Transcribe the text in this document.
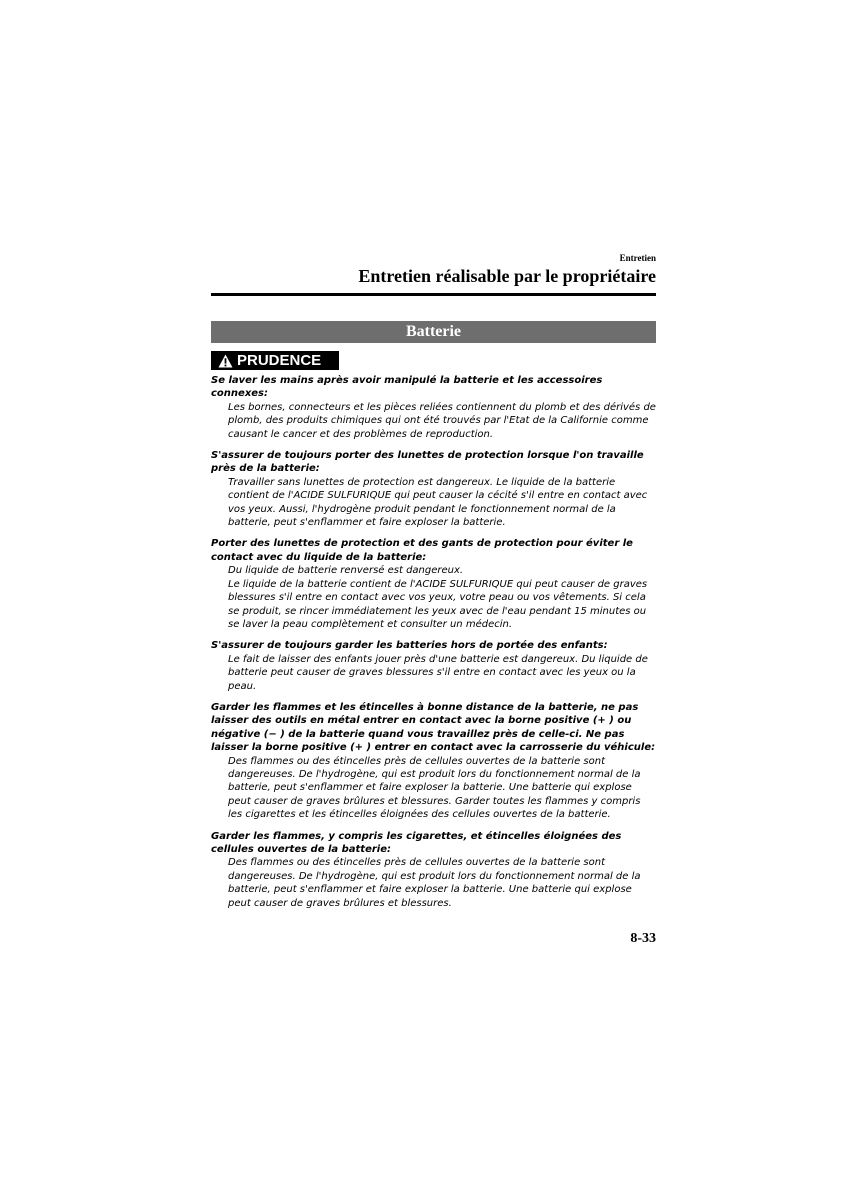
Entretien
Entretien réalisable par le propriétaire
Batterie
PRUDENCE
Se laver les mains après avoir manipulé la batterie et les accessoires connexes:
Les bornes, connecteurs et les pièces reliées contiennent du plomb et des dérivés de plomb, des produits chimiques qui ont été trouvés par l'Etat de la Californie comme causant le cancer et des problèmes de reproduction.
S'assurer de toujours porter des lunettes de protection lorsque l'on travaille près de la batterie:
Travailler sans lunettes de protection est dangereux. Le liquide de la batterie contient de l'ACIDE SULFURIQUE qui peut causer la cécité s'il entre en contact avec vos yeux. Aussi, l'hydrogène produit pendant le fonctionnement normal de la batterie, peut s'enflammer et faire exploser la batterie.
Porter des lunettes de protection et des gants de protection pour éviter le contact avec du liquide de la batterie:
Du liquide de batterie renversé est dangereux.
Le liquide de la batterie contient de l'ACIDE SULFURIQUE qui peut causer de graves blessures s'il entre en contact avec vos yeux, votre peau ou vos vêtements. Si cela se produit, se rincer immédiatement les yeux avec de l'eau pendant 15 minutes ou se laver la peau complètement et consulter un médecin.
S'assurer de toujours garder les batteries hors de portée des enfants:
Le fait de laisser des enfants jouer près d'une batterie est dangereux. Du liquide de batterie peut causer de graves blessures s'il entre en contact avec les yeux ou la peau.
Garder les flammes et les étincelles à bonne distance de la batterie, ne pas laisser des outils en métal entrer en contact avec la borne positive (+ ) ou négative (− ) de la batterie quand vous travaillez près de celle-ci. Ne pas laisser la borne positive (+ ) entrer en contact avec la carrosserie du véhicule:
Des flammes ou des étincelles près de cellules ouvertes de la batterie sont dangereuses. De l'hydrogène, qui est produit lors du fonctionnement normal de la batterie, peut s'enflammer et faire exploser la batterie. Une batterie qui explose peut causer de graves brûlures et blessures. Garder toutes les flammes y compris les cigarettes et les étincelles éloignées des cellules ouvertes de la batterie.
Garder les flammes, y compris les cigarettes, et étincelles éloignées des cellules ouvertes de la batterie:
Des flammes ou des étincelles près de cellules ouvertes de la batterie sont dangereuses. De l'hydrogène, qui est produit lors du fonctionnement normal de la batterie, peut s'enflammer et faire exploser la batterie. Une batterie qui explose peut causer de graves brûlures et blessures.
8-33
